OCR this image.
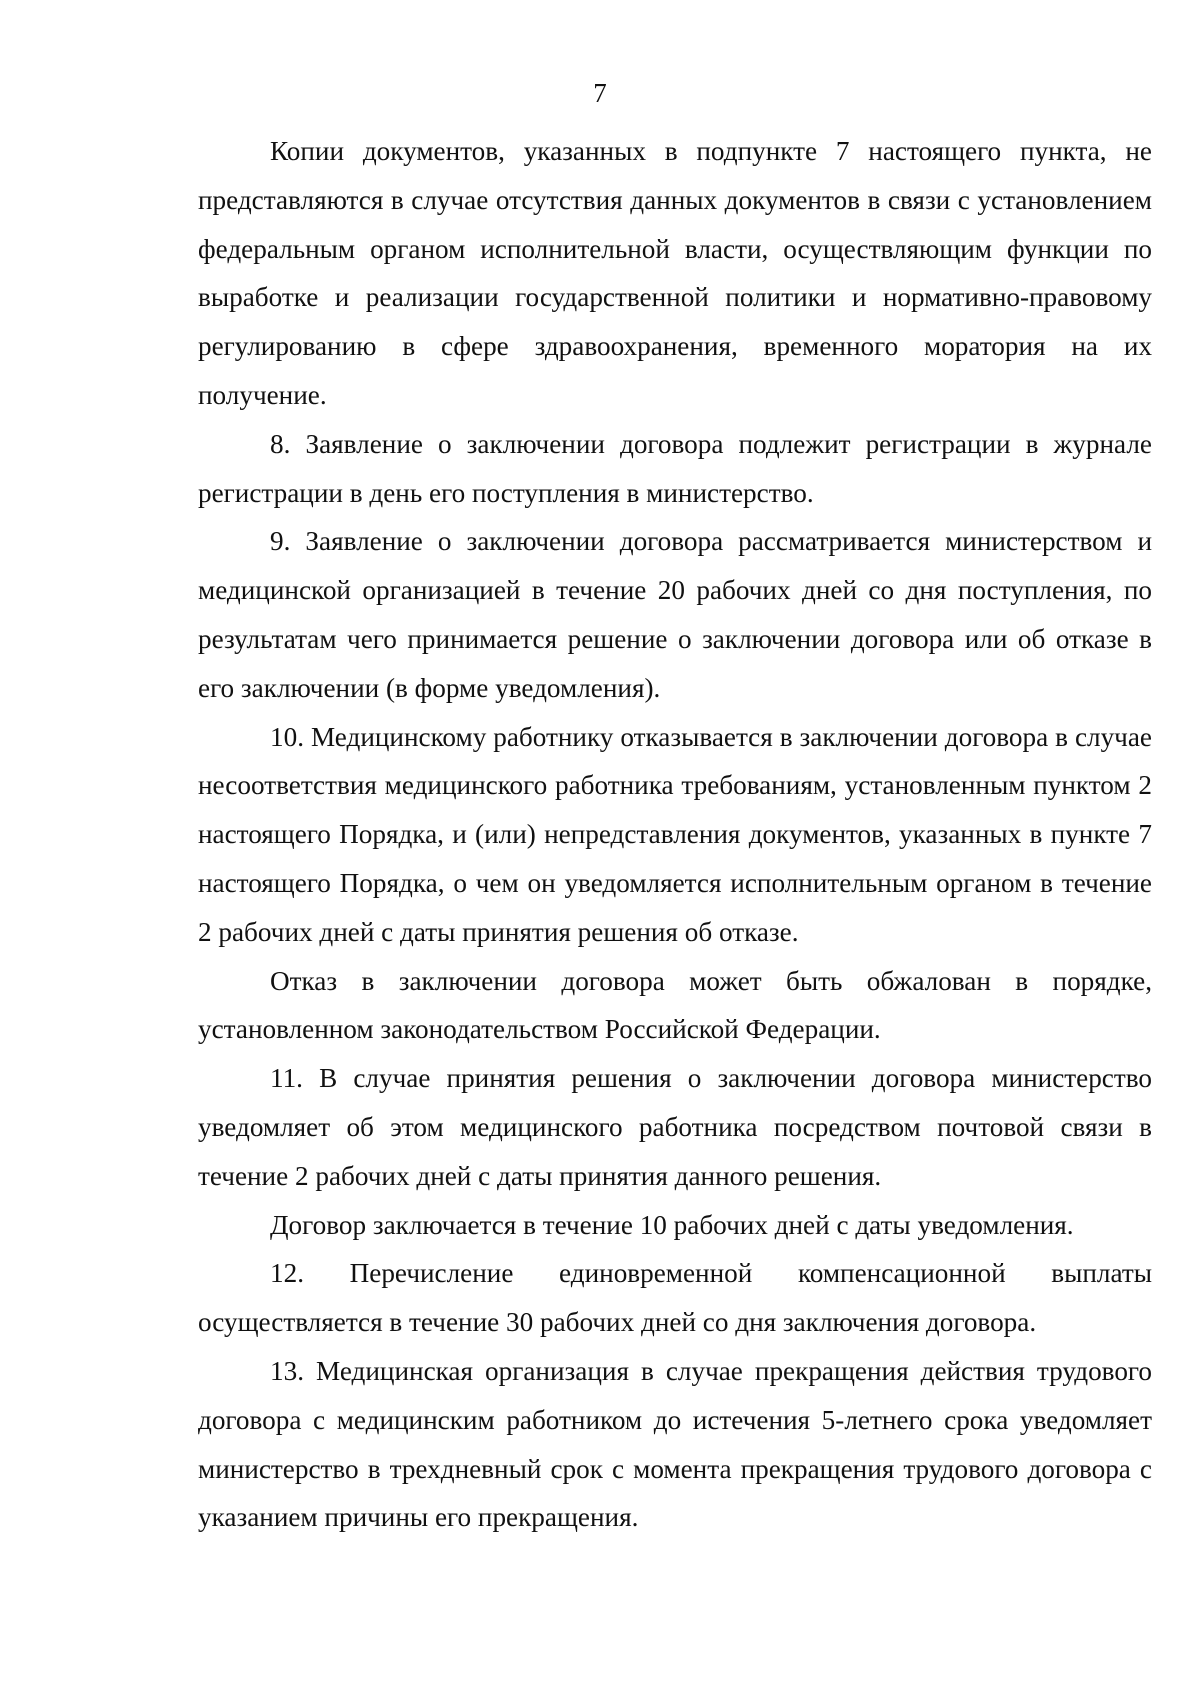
7

Копии документов, указанных в подпункте 7 настоящего пункта, не представляются в случае отсутствия данных документов в связи с установлением федеральным органом исполнительной власти, осуществляющим функции по выработке и реализации государственной политики и нормативно-правовому регулированию в сфере здравоохранения, временного моратория на их получение.

8. Заявление о заключении договора подлежит регистрации в журнале регистрации в день его поступления в министерство.

9. Заявление о заключении договора рассматривается министерством и медицинской организацией в течение 20 рабочих дней со дня поступления, по результатам чего принимается решение о заключении договора или об отказе в его заключении (в форме уведомления).

10. Медицинскому работнику отказывается в заключении договора в случае несоответствия медицинского работника требованиям, установленным пунктом 2 настоящего Порядка, и (или) непредставления документов, указанных в пункте 7 настоящего Порядка, о чем он уведомляется исполнительным органом в течение 2 рабочих дней с даты принятия решения об отказе.

Отказ в заключении договора может быть обжалован в порядке, установленном законодательством Российской Федерации.

11. В случае принятия решения о заключении договора министерство уведомляет об этом медицинского работника посредством почтовой связи в течение 2 рабочих дней с даты принятия данного решения.

Договор заключается в течение 10 рабочих дней с даты уведомления.

12. Перечисление единовременной компенсационной выплаты осуществляется в течение 30 рабочих дней со дня заключения договора.

13. Медицинская организация в случае прекращения действия трудового договора с медицинским работником до истечения 5-летнего срока уведомляет министерство в трехдневный срок с момента прекращения трудового договора с указанием причины его прекращения.
